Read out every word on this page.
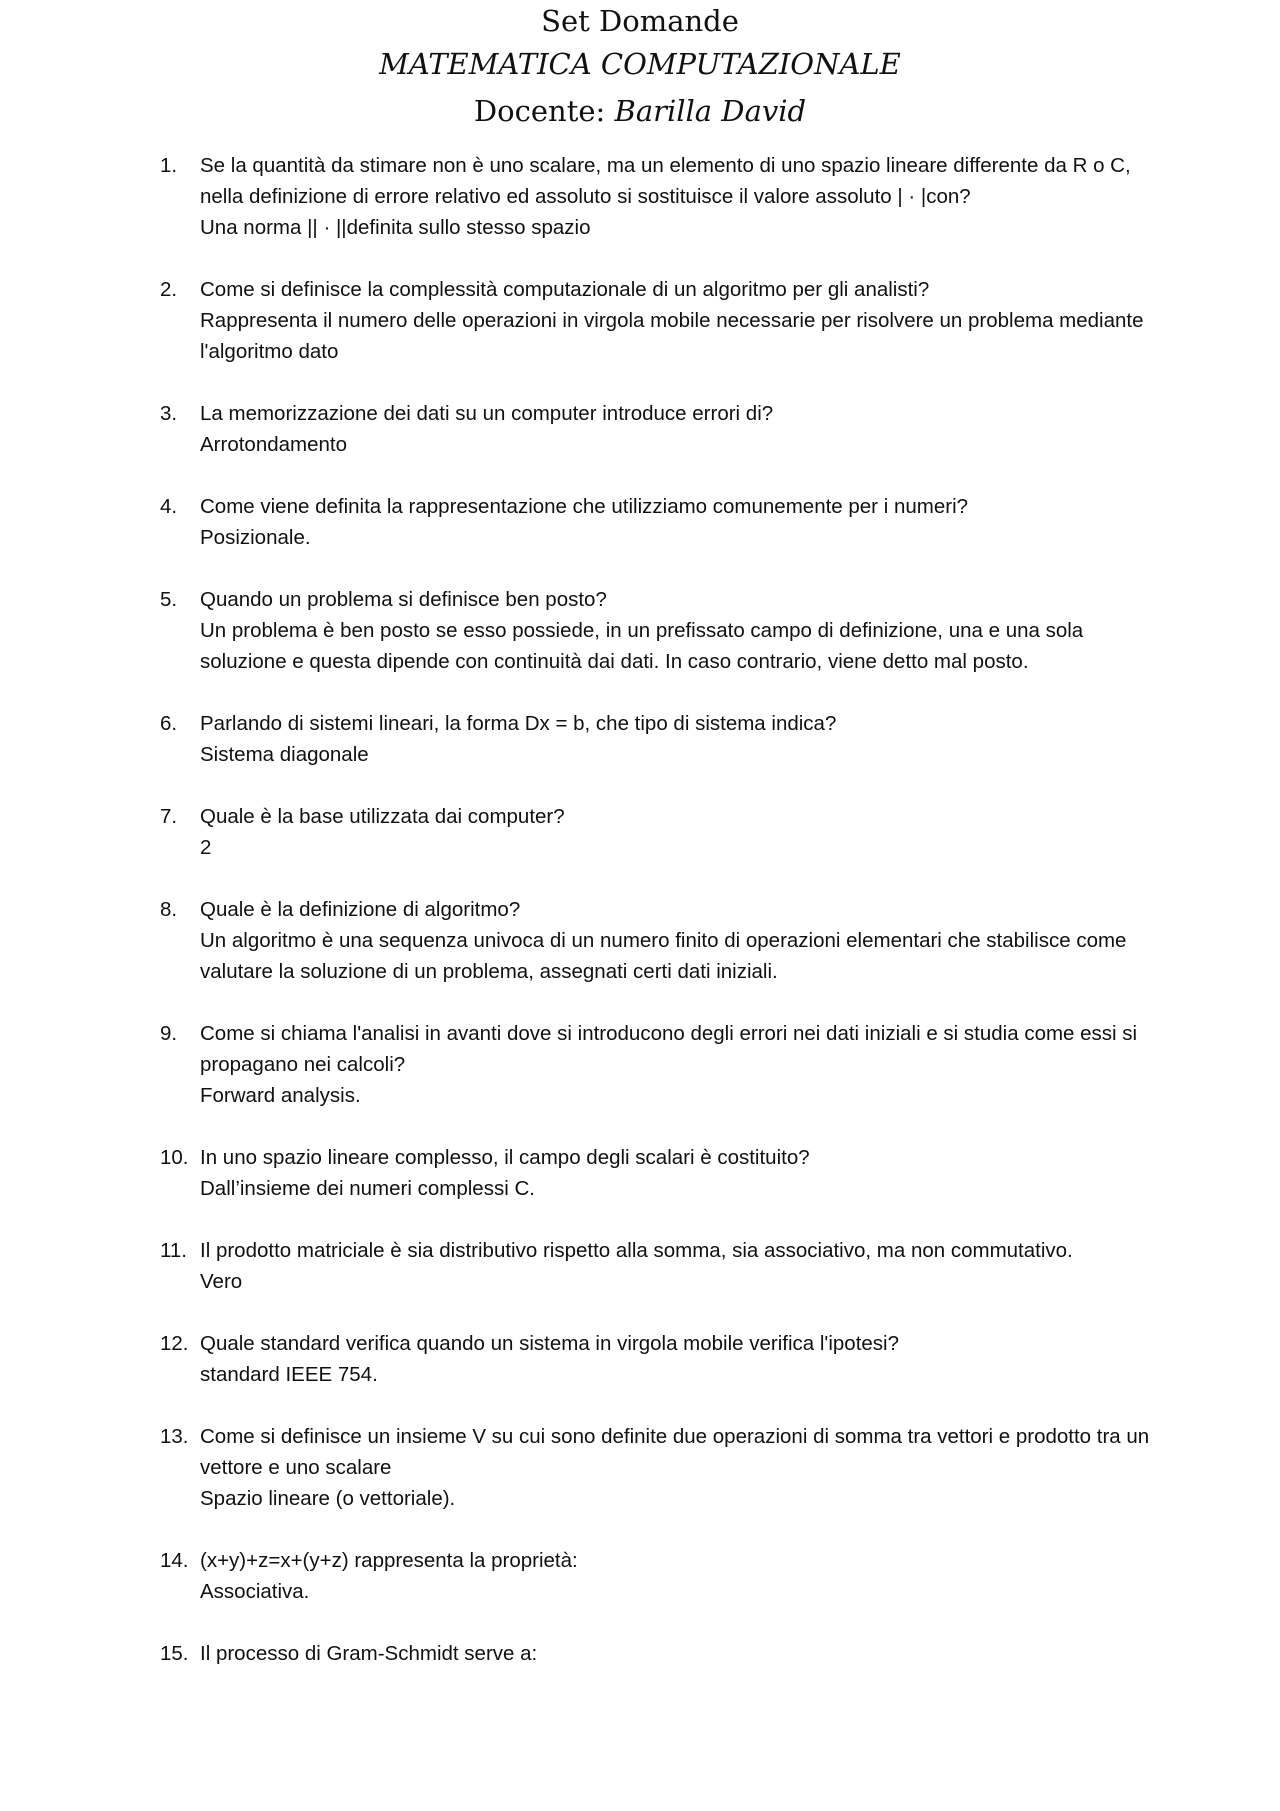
Set Domande
MATEMATICA COMPUTAZIONALE
Docente: Barilla David
1.	Se la quantità da stimare non è uno scalare, ma un elemento di uno spazio lineare differente da R o C, nella definizione di errore relativo ed assoluto si sostituisce il valore assoluto | · |con?

Una norma || · ||definita sullo stesso spazio

2.	Come si definisce la complessità computazionale di un algoritmo per gli analisti?

Rappresenta il numero delle operazioni in virgola mobile necessarie per risolvere un problema mediante l'algoritmo dato

3.	La memorizzazione dei dati su un computer introduce errori di?

Arrotondamento

4.	Come viene definita la rappresentazione che utilizziamo comunemente per i numeri?

Posizionale.

5.	Quando un problema si definisce ben posto?

Un problema è ben posto se esso possiede, in un prefissato campo di definizione, una e una sola soluzione e questa dipende con continuità dai dati. In caso contrario, viene detto mal posto.

6.	Parlando di sistemi lineari, la forma Dx = b, che tipo di sistema indica?

Sistema diagonale

7.	Quale è la base utilizzata dai computer?

2

8.	Quale è la definizione di algoritmo?

Un algoritmo è una sequenza univoca di un numero finito di operazioni elementari che stabilisce come valutare la soluzione di un problema, assegnati certi dati iniziali.

9.	Come si chiama l'analisi in avanti dove si introducono degli errori nei dati iniziali e si studia come essi si propagano nei calcoli?

Forward analysis.

10. In uno spazio lineare complesso, il campo degli scalari è costituito?

Dall’insieme dei numeri complessi C.

11. Il prodotto matriciale è sia distributivo rispetto alla somma, sia associativo, ma non commutativo.

Vero

12. Quale standard verifica quando un sistema in virgola mobile verifica l'ipotesi?

standard IEEE 754.

13. Come si definisce un insieme V su cui sono definite due operazioni di somma tra vettori e prodotto tra un vettore e uno scalare

Spazio lineare (o vettoriale).

14. (x+y)+z=x+(y+z) rappresenta la proprietà:

Associativa.

15. Il processo di Gram-Schmidt serve a:
